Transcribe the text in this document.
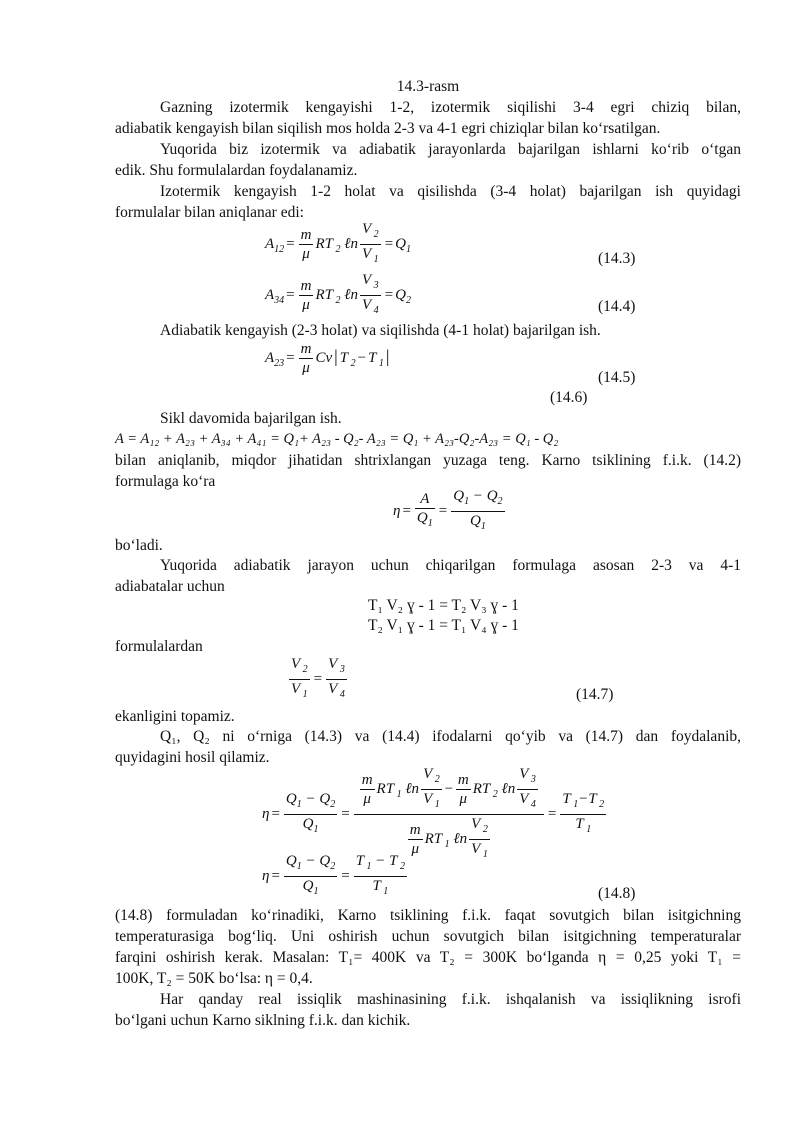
14.3-rasm
Gazning izotermik kengayishi 1-2, izotermik siqilishi 3-4 egri chiziq bilan,
adiabatik kengayish bilan siqilish mos holda 2-3 va 4-1 egri chiziqlar bilan ko‘rsatilgan.
Yuqorida biz izotermik va adiabatik jarayonlarda bajarilgan ishlarni ko‘rib o‘tgan
edik. Shu formulalardan foydalanamiz.
Izotermik kengayish 1-2 holat va qisilishda (3-4 holat) bajarilgan ish quyidagi
formulalar bilan aniqlanar edi:
$A_{12} = \frac{m}{\mu}$ RT $_2$ ℓn $\frac{V _2}{V _1} = Q_1$
(14.3)
$A_{34} = \frac{m}{\mu}$ RT $_2$ ℓn $\frac{V _3}{V _4} = Q_2$	(14.4)
Adiabatik kengayish (2-3 holat) va siqilishda (4-1 holat) bajarilgan ish.
$A_{23} = \frac{m}{\mu}$ Cv | T $_2$ − T $_1$ |
(14.5)
(14.6)
Sikl davomida bajarilgan ish.
A = A₁₂ + A₂₃ + A₃₄ + A₄₁ = Q₁+ A₂₃ - Q₂- A₂₃ = Q₁ + A₂₃-Q₂-A₂₃ = Q₁ - Q₂
bilan aniqlanib, miqdor jihatidan shtrixlangan yuzaga teng. Karno tsiklining f.i.k. (14.2)
formulaga ko‘ra
$\eta = \frac{A}{Q_1} = \frac{Q_1 - Q_2}{Q_1}$
bo‘ladi.
Yuqorida adiabatik jarayon uchun chiqarilgan formulaga asosan 2-3 va 4-1
adiabatalar uchun
T₁ V₂ ɣ - 1 = T₂ V₃ ɣ - 1
T₂ V₁ ɣ - 1 = T₁ V₄ ɣ - 1
formulalardan
$\frac{V _2}{V _1} = \frac{V _3}{V _4}$	(14.7)
ekanligini topamiz.
Q₁, Q₂ ni o‘rniga (14.3) va (14.4) ifodalarni qo‘yib va (14.7) dan foydalanib,
quyidagini hosil qilamiz.
$\eta = \frac{Q_1 - Q_2}{Q_1} = \frac{\frac{m}{\mu} RT _1 \ell n \frac{V _2}{V _1} - \frac{m}{\mu} RT _2 \ell n \frac{V _3}{V _4}}{\frac{m}{\mu} RT _1 \ell n \frac{V _2}{V _1}} = \frac{T _1-T _2}{T _1}$
$\eta = \frac{Q_1 - Q_2}{Q_1} = \frac{T _1 - T _2}{T _1}$	(14.8)
(14.8) formuladan ko‘rinadiki, Karno tsiklining f.i.k. faqat sovutgich bilan isitgichning
temperaturasiga bog‘liq. Uni oshirish uchun sovutgich bilan isitgichning temperaturalar
farqini oshirish kerak. Masalan: T₁= 400K va T₂ = 300K bo‘lganda η = 0,25 yoki T₁ =
100K, T₂ = 50K bo‘lsa: η = 0,4.
Har qanday real issiqlik mashinasining f.i.k. ishqalanish va issiqlikning isrofi
bo‘lgani uchun Karno siklning f.i.k. dan kichik.
